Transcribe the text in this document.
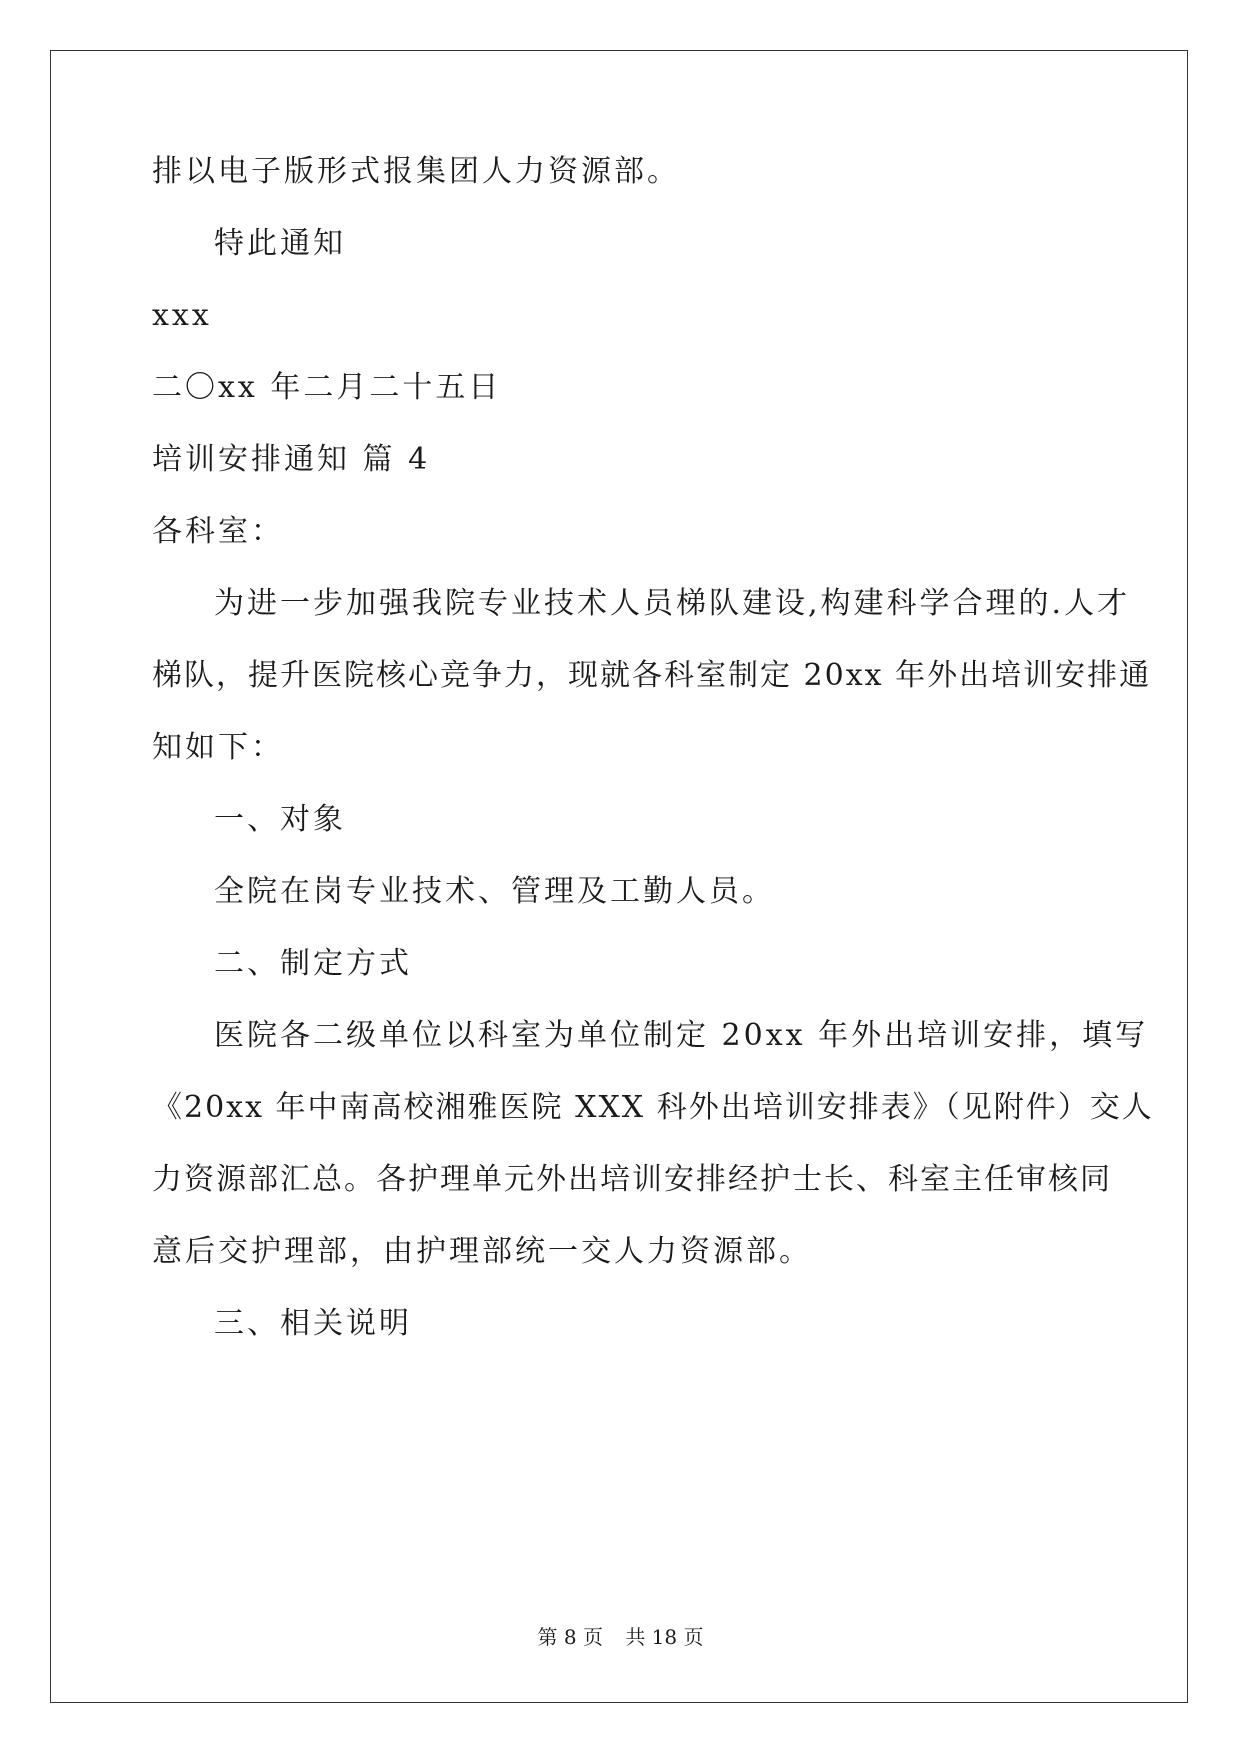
排以电子版形式报集团人力资源部。
特此通知
xxx
二〇xx 年二月二十五日
培训安排通知 篇 4
各科室：
为进一步加强我院专业技术人员梯队建设,构建科学合理的.人才
梯队，提升医院核心竞争力，现就各科室制定 20xx 年外出培训安排通
知如下：
一、对象
全院在岗专业技术、管理及工勤人员。
二、制定方式
医院各二级单位以科室为单位制定 20xx 年外出培训安排，填写
《20xx 年中南高校湘雅医院 XXX 科外出培训安排表》（见附件）交人
力资源部汇总。各护理单元外出培训安排经护士长、科室主任审核同
意后交护理部，由护理部统一交人力资源部。
三、相关说明
第 8 页 共 18 页
